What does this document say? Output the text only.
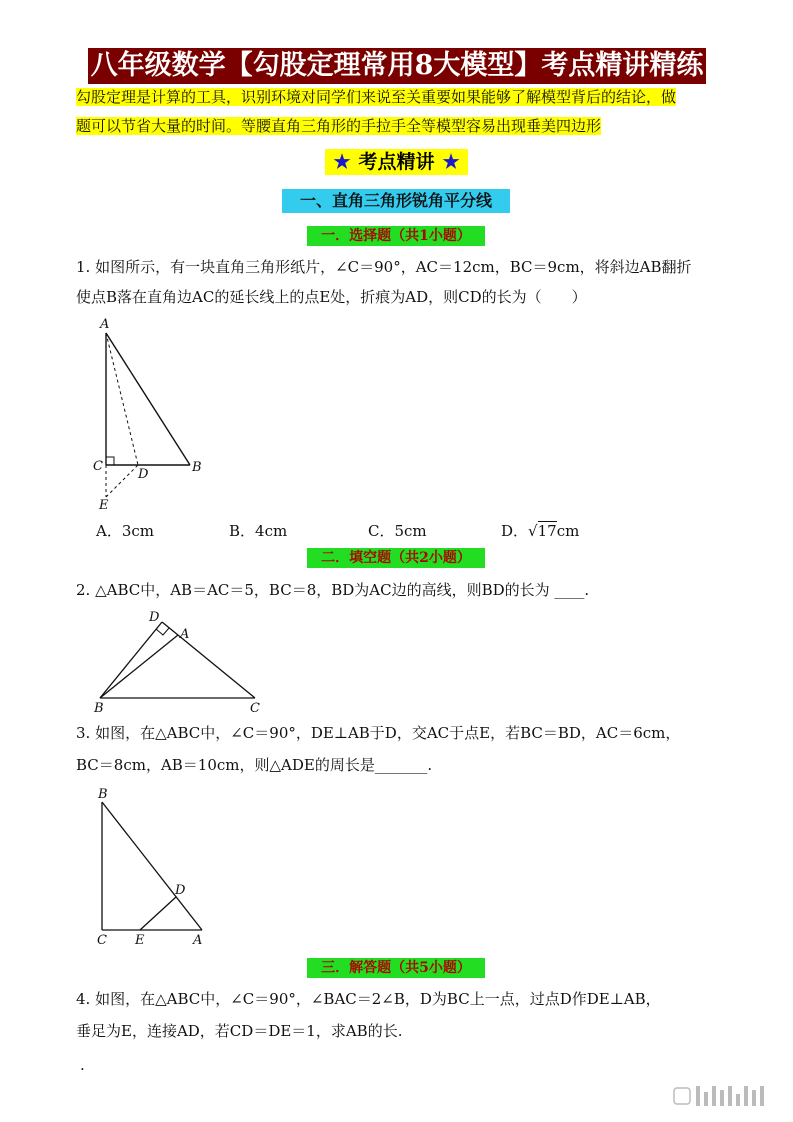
八年级数学【勾股定理常用8大模型】考点精讲精练
勾股定理是计算的工具，识别环境对同学们来说至关重要如果能够了解模型背后的结论，做
题可以节省大量的时间。等腰直角三角形的手拉手全等模型容易出现垂美四边形
★ 考点精讲 ★
一、直角三角形锐角平分线
一．选择题（共1小题）
1. 如图所示，有一块直角三角形纸片，∠C＝90°，AC＝12cm，BC＝9cm，将斜边AB翻折
使点B落在直角边AC的延长线上的点E处，折痕为AD，则CD的长为（　　）
A
B
C
D
E
A．3cm	B．4cm	C．5cm	D．√17cm
二．填空题（共2小题）
2. △ABC中，AB＝AC＝5，BC＝8，BD为AC边的高线，则BD的长为 ____.
D
A
B	C
3. 如图，在△ABC中，∠C＝90°，DE⊥AB于D，交AC于点E，若BC＝BD，AC＝6cm，
BC＝8cm，AB＝10cm，则△ADE的周长是_______.
B
D
C E	A
三．解答题（共5小题）
4. 如图，在△ABC中，∠C＝90°，∠BAC＝2∠B，D为BC上一点，过点D作DE⊥AB，
垂足为E，连接AD，若CD＝DE＝1，求AB的长.
.
